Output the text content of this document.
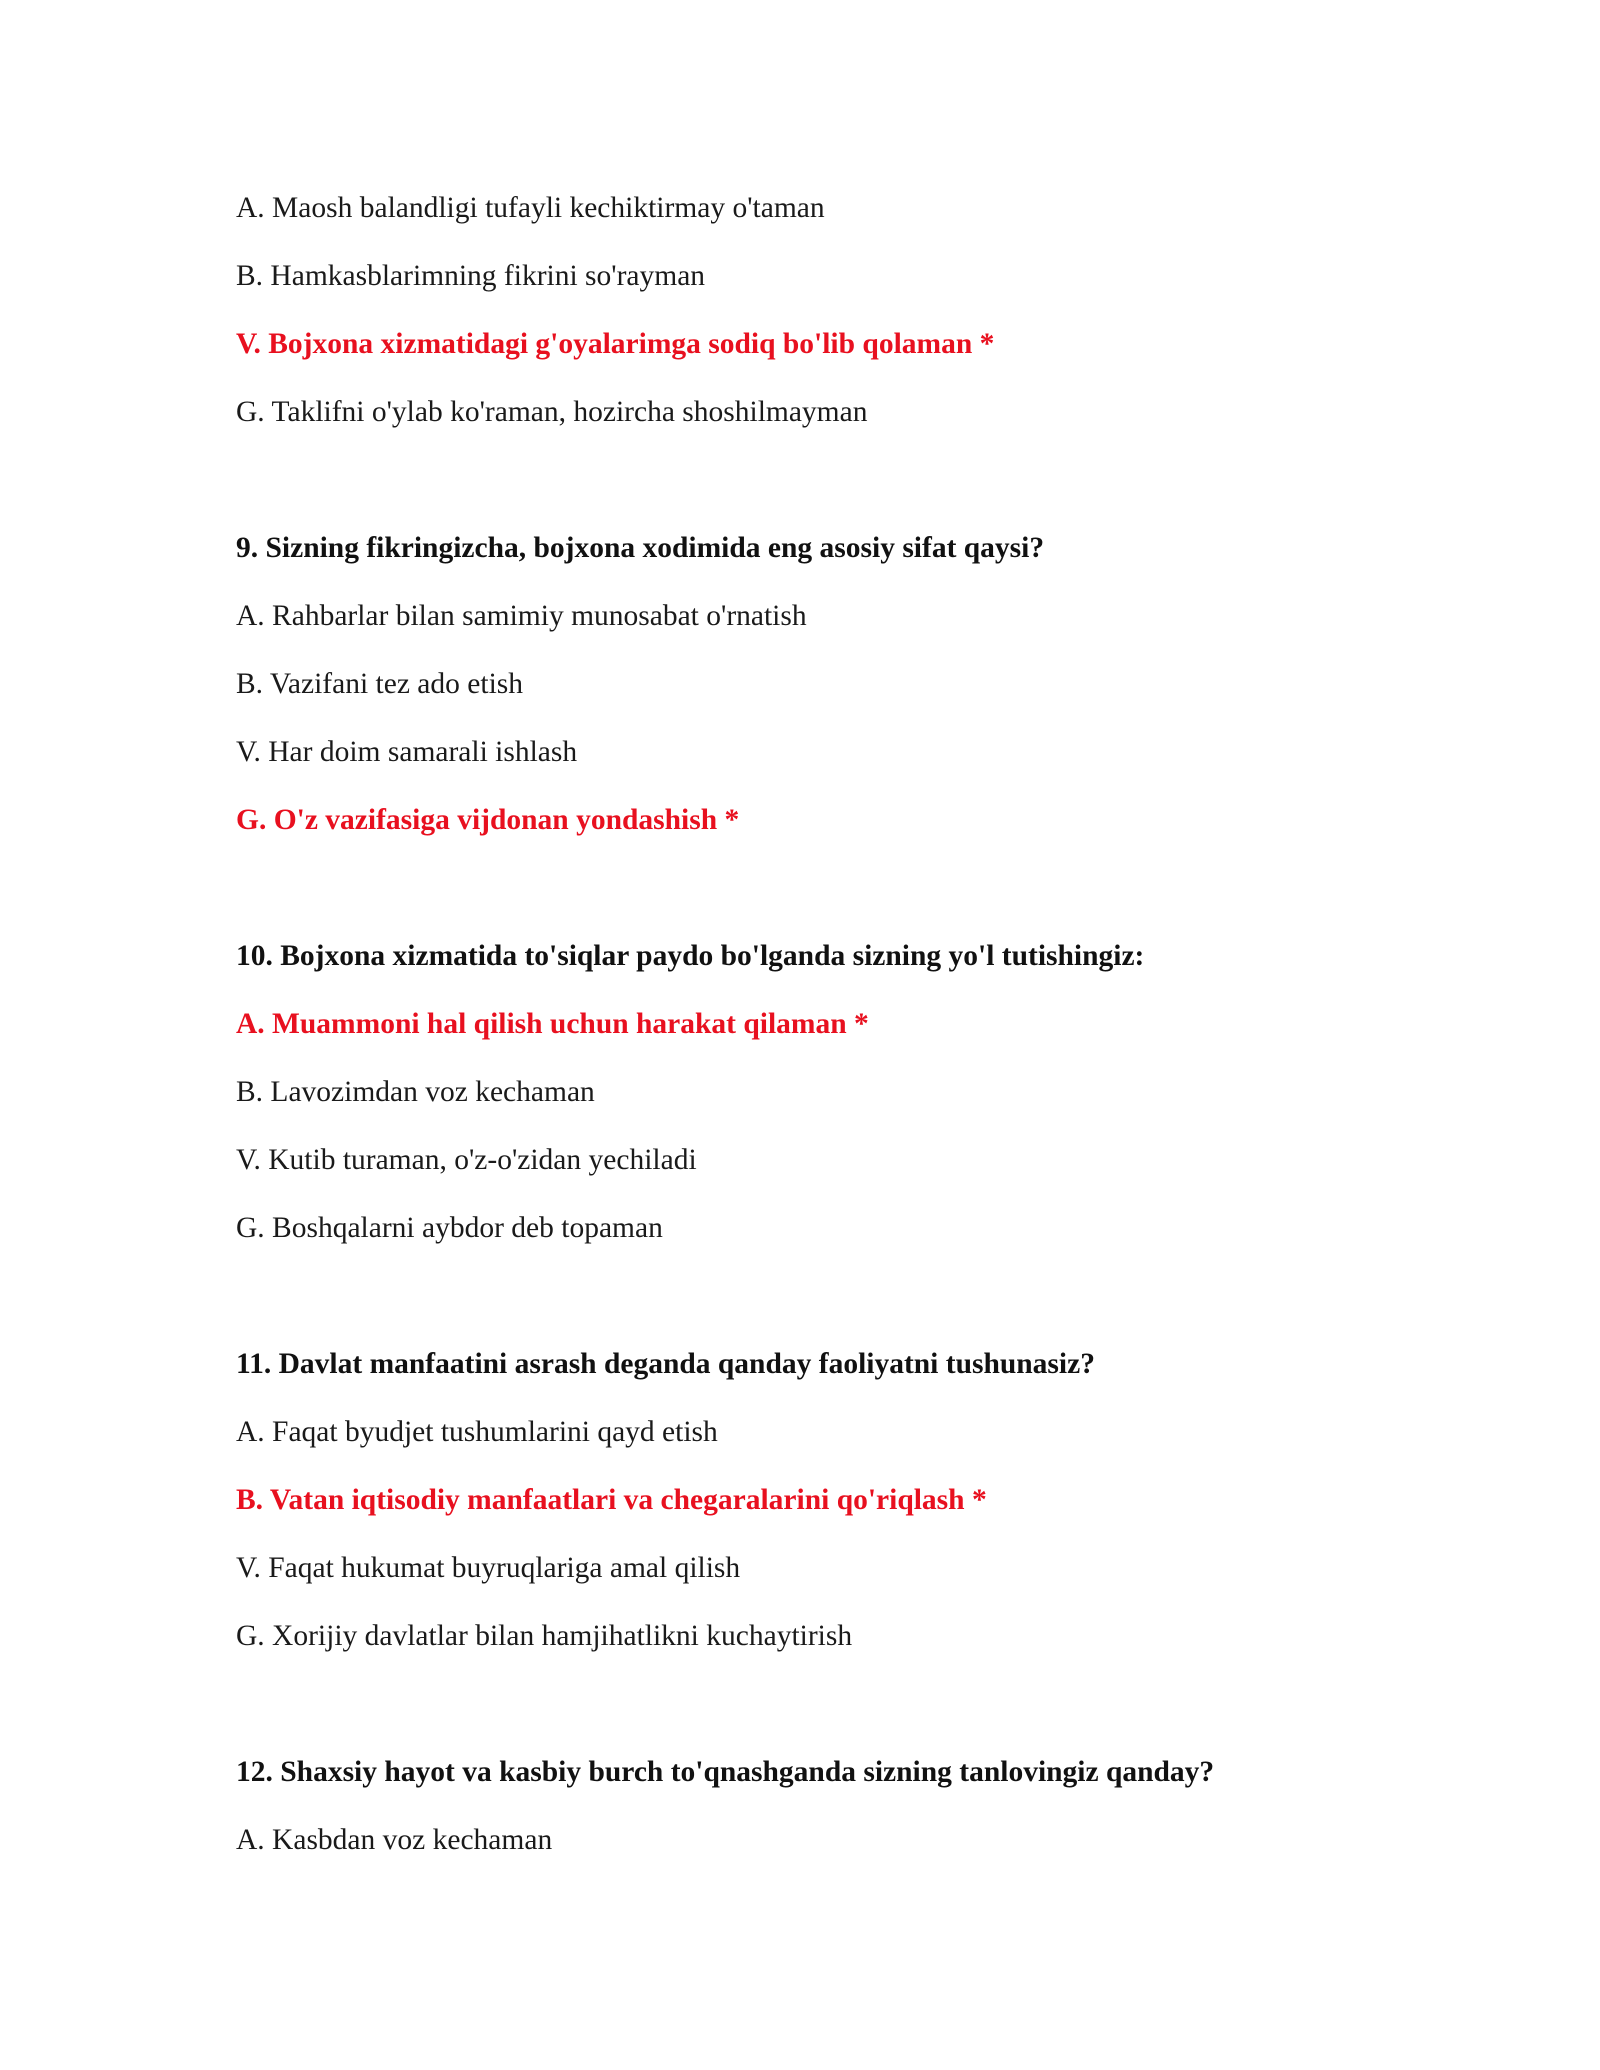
A. Maosh balandligi tufayli kechiktirmay o'taman
B. Hamkasblarimning fikrini so'rayman
V. Bojxona xizmatidagi g'oyalarimga sodiq bo'lib qolaman *
G. Taklifni o'ylab ko'raman, hozircha shoshilmayman
9. Sizning fikringizcha, bojxona xodimida eng asosiy sifat qaysi?
A. Rahbarlar bilan samimiy munosabat o'rnatish
B. Vazifani tez ado etish
V. Har doim samarali ishlash
G. O'z vazifasiga vijdonan yondashish *
10. Bojxona xizmatida to'siqlar paydo bo'lganda sizning yo'l tutishingiz:
A. Muammoni hal qilish uchun harakat qilaman *
B. Lavozimdan voz kechaman
V. Kutib turaman, o'z-o'zidan yechiladi
G. Boshqalarni aybdor deb topaman
11. Davlat manfaatini asrash deganda qanday faoliyatni tushunasiz?
A. Faqat byudjet tushumlarini qayd etish
B. Vatan iqtisodiy manfaatlari va chegaralarini qo'riqlash *
V. Faqat hukumat buyruqlariga amal qilish
G. Xorijiy davlatlar bilan hamjihatlikni kuchaytirish
12. Shaxsiy hayot va kasbiy burch to'qnashganda sizning tanlovingiz qanday?
A. Kasbdan voz kechaman
